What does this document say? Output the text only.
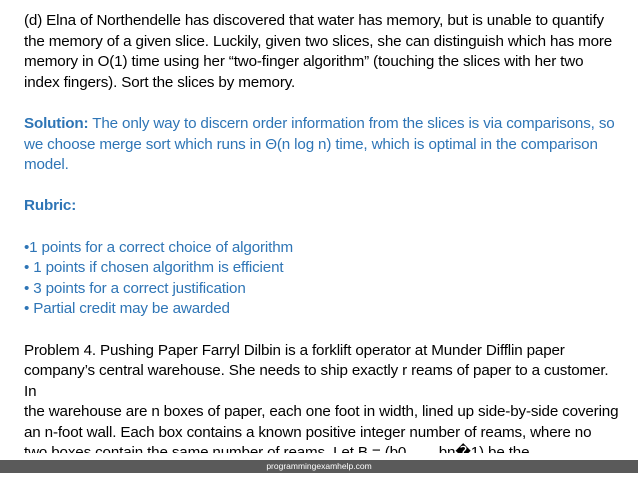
(d) Elna of Northendelle has discovered that water has memory, but is unable to quantify

the memory of a given slice. Luckily, given two slices, she can distinguish which has more

memory in O(1) time using her “two-finger algorithm” (touching the slices with her two

index fingers). Sort the slices by memory.

Solution: The only way to discern order information from the slices is via comparisons, so

we choose merge sort which runs in Θ(n log n) time, which is optimal in the comparison

model.

Rubric:

•1 points for a correct choice of algorithm

• 1 points if chosen algorithm is efficient

• 3 points for a correct justification

• Partial credit may be awarded

Problem 4. Pushing Paper Farryl Dilbin is a forklift operator at Munder Difflin paper

company’s central warehouse. She needs to ship exactly r reams of paper to a customer. In

the warehouse are n boxes of paper, each one foot in width, lined up side-by-side covering

an n-foot wall. Each box contains a known positive integer number of reams, where no

programmingexamhelp.com
